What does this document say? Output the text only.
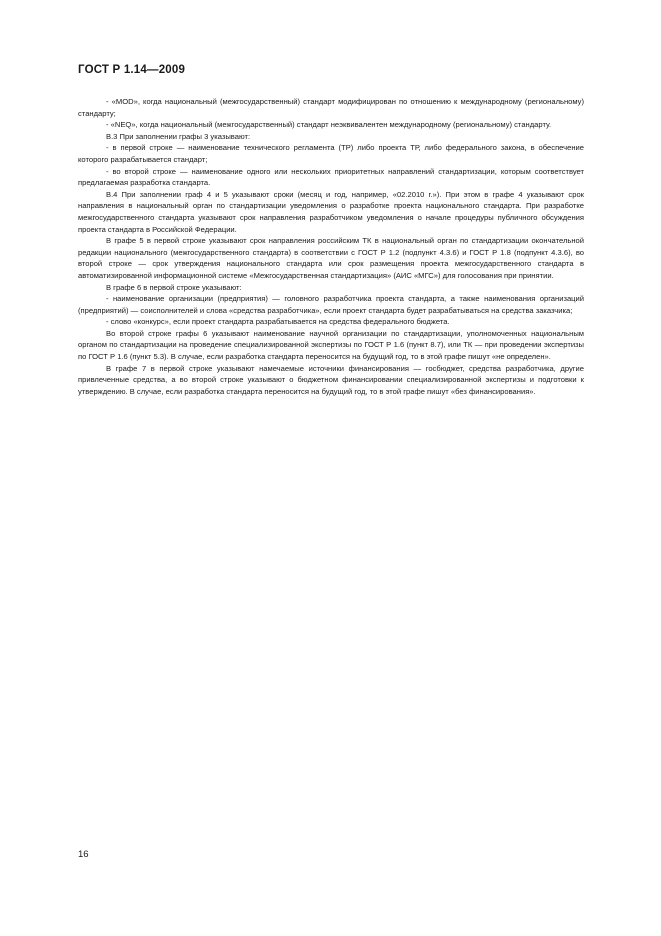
ГОСТ Р 1.14—2009

- «MOD», когда национальный (межгосударственный) стандарт модифицирован по отношению к международному (региональному) стандарту;

- «NEQ», когда национальный (межгосударственный) стандарт неэквивалентен международному (региональному) стандарту.

В.3 При заполнении графы 3 указывают:

- в первой строке — наименование технического регламента (ТР) либо проекта ТР, либо федерального закона, в обеспечение которого разрабатывается стандарт;

- во второй строке — наименование одного или нескольких приоритетных направлений стандартизации, которым соответствует предлагаемая разработка стандарта.

В.4 При заполнении граф 4 и 5 указывают сроки (месяц и год, например, «02.2010 г.»). При этом в графе 4 указывают срок направления в национальный орган по стандартизации уведомления о разработке проекта национального стандарта. При разработке межгосударственного стандарта указывают срок направления разработчиком уведомления о начале процедуры публичного обсуждения проекта стандарта в Российской Федерации.

В графе 5 в первой строке указывают срок направления российским ТК в национальный орган по стандартизации окончательной редакции национального (межгосударственного стандарта) в соответствии с ГОСТ Р 1.2 (подпункт 4.3.6) и ГОСТ Р 1.8 (подпункт 4.3.6), во второй строке — срок утверждения национального стандарта или срок размещения проекта межгосударственного стандарта в автоматизированной информационной системе «Межгосударственная стандартизация» (АИС «МГС») для голосования при принятии.

В графе 6 в первой строке указывают:

- наименование организации (предприятия) — головного разработчика проекта стандарта, а также наименования организаций (предприятий) — соисполнителей и слова «средства разработчика», если проект стандарта будет разрабатываться на средства заказчика;

- слово «конкурс», если проект стандарта разрабатывается на средства федерального бюджета.

Во второй строке графы 6 указывают наименование научной организации по стандартизации, уполномоченных национальным органом по стандартизации на проведение специализированной экспертизы по ГОСТ Р 1.6 (пункт 8.7), или ТК — при проведении экспертизы по ГОСТ Р 1.6 (пункт 5.3). В случае, если разработка стандарта переносится на будущий год, то в этой графе пишут «не определен».

В графе 7 в первой строке указывают намечаемые источники финансирования — госбюджет, средства разработчика, другие привлеченные средства, а во второй строке указывают о бюджетном финансировании специализированной экспертизы и подготовки к утверждению. В случае, если разработка стандарта переносится на будущий год, то в этой графе пишут «без финансирования».

16
